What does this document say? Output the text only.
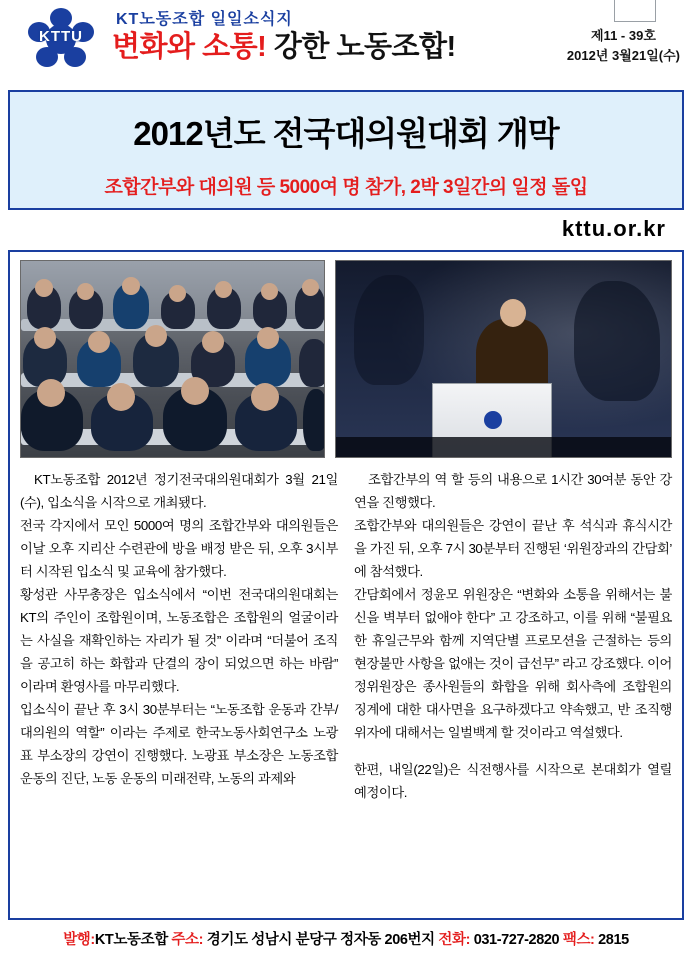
KTTU
KT노동조합 일일소식지
변화와 소통! 강한 노동조합!	제11 - 39호
2012년 3월21일(수)
2012년도 전국대의원대회 개막
조합간부와 대의원 등 5000여 명 참가, 2박 3일간의 일정 돌입
kttu.or.kr

KT노동조합 2012년 정기전국대의원대회가 3월 21일(수), 입소식을 시작으로 개최됐다.

전국 각지에서 모인 5000여 명의 조합간부와 대의원들은 이날 오후 지리산 수련관에 방을 배정 받은 뒤, 오후 3시부터 시작된 입소식 및 교육에 참가했다.

황성관 사무총장은 입소식에서 “이번 전국대의원대회는 KT의 주인이 조합원이며, 노동조합은 조합원의 얼굴이라는 사실을 재확인하는 자리가 될 것” 이라며 “더불어 조직을 공고히 하는 화합과 단결의 장이 되었으면 하는 바람” 이라며 환영사를 마무리했다.

입소식이 끝난 후 3시 30분부터는 “노동조합 운동과 간부/대의원의 역할” 이라는 주제로 한국노동사회연구소 노광표 부소장의 강연이 진행했다. 노광표 부소장은 노동조합 운동의 진단, 노동 운동의 미래전략, 노동의 과제와

조합간부의 역 할 등의 내용으로 1시간 30여분 동안 강연을 진행했다.

조합간부와 대의원들은 강연이 끝난 후 석식과 휴식시간을 가진 뒤, 오후 7시 30분부터 진행된 ‘위원장과의 간담회’ 에 참석했다.

간담회에서 정윤모 위원장은 “변화와 소통을 위해서는 불신을 벽부터 없애야 한다” 고 강조하고, 이를 위해 “불필요한 휴일근무와 함께 지역단별 프로모션을 근절하는 등의 현장불만 사항을 없애는 것이 급선무” 라고 강조했다. 이어 정위원장은 종사원들의 화합을 위해 회사측에 조합원의 징계에 대한 대사면을 요구하겠다고 약속했고, 반 조직행위자에 대해서는 일벌백계 할 것이라고 역설했다.

한편, 내일(22일)은 식전행사를 시작으로 본대회가 열릴 예정이다.

발행:KT노동조합 주소: 경기도 성남시 분당구 정자동 206번지 전화: 031-727-2820 팩스: 2815
